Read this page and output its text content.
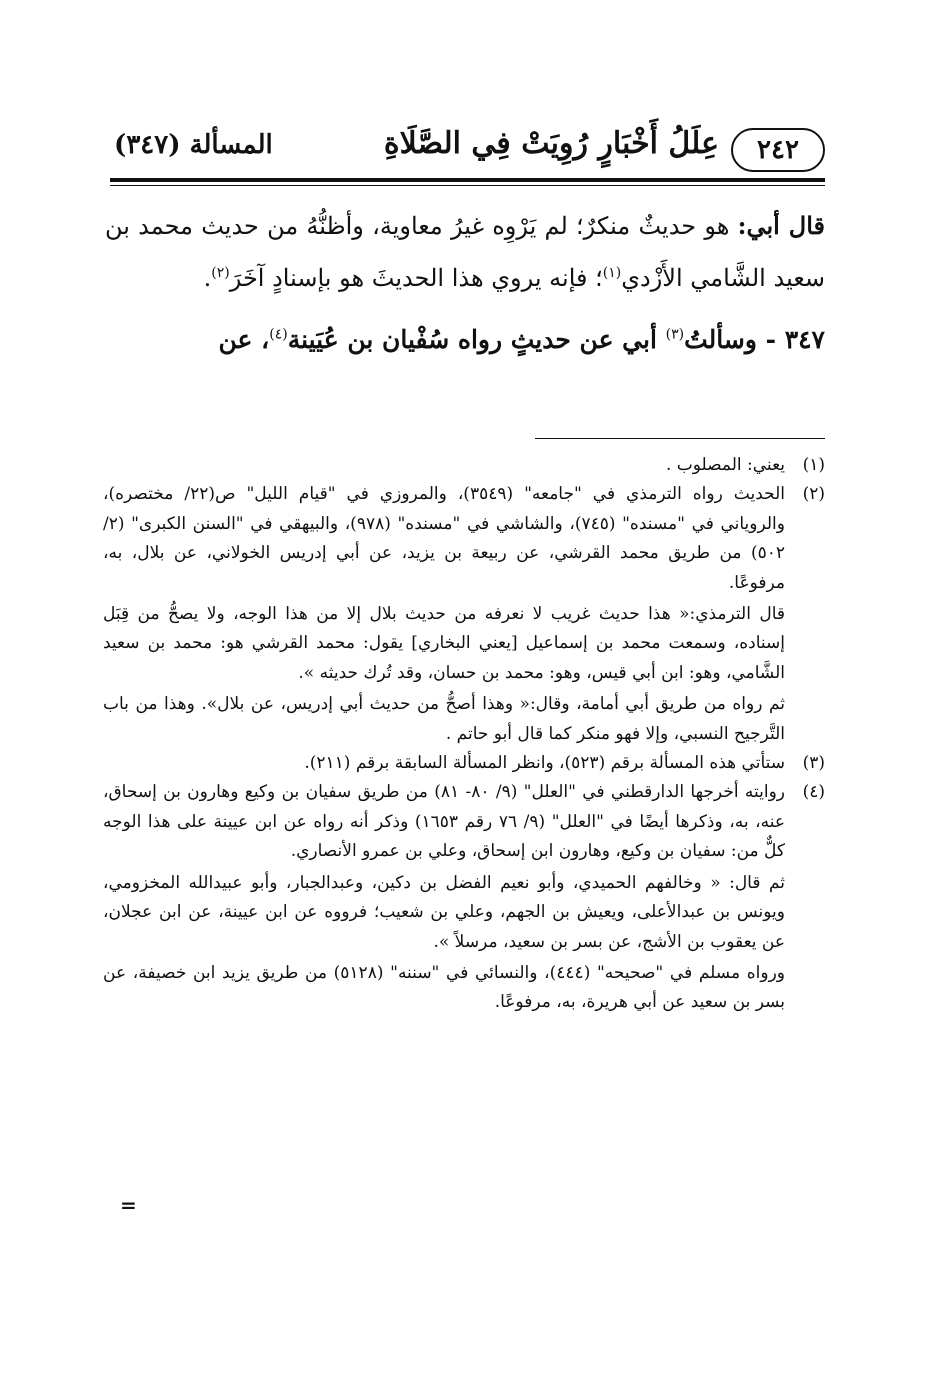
٢٤٢
عِلَلُ أَخْبَارٍ رُوِيَتْ فِي الصَّلَاةِ
المسألة (٣٤٧)

قال أبي: هو حديثٌ منكرٌ؛ لم يَرْوِه غيرُ معاوية، وأظنُّهُ من حديث محمد بن سعيد الشَّامي الأَزْدي$^{(١)}$؛ فإنه يروي هذا الحديثَ هو بإسنادٍ آخَرَ$^{(٢)}$.

٣٤٧ - وسألتُ$^{(٣)}$ أبي عن حديثٍ رواه سُفْيان بن عُيَينة$^{(٤)}$، عن

(١)

يعني: المصلوب .

(٢)

الحديث رواه الترمذي في "جامعه" (٣٥٤٩)، والمروزي في "قيام الليل" ص(٢٢/ مختصره)، والروياني في "مسنده" (٧٤٥)، والشاشي في "مسنده" (٩٧٨)، والبيهقي في "السنن الكبرى" (٢/ ٥٠٢) من طريق محمد القرشي، عن ربيعة بن يزيد، عن أبي إدريس الخولاني، عن بلال، به، مرفوعًا.

قال الترمذي:« هذا حديث غريب لا نعرفه من حديث بلال إلا من هذا الوجه، ولا يصحُّ من قِبَل إسناده، وسمعت محمد بن إسماعيل [يعني البخاري] يقول: محمد القرشي هو: محمد بن سعيد الشَّامي، وهو: ابن أبي قيس، وهو: محمد بن حسان، وقد تُرك حديثه ».

ثم رواه من طريق أبي أمامة، وقال:« وهذا أصحُّ من حديث أبي إدريس، عن بلال». وهذا من باب التَّرجيح النسبي، وإلا فهو منكر كما قال أبو حاتم .

(٣)

ستأتي هذه المسألة برقم (٥٢٣)، وانظر المسألة السابقة برقم (٢١١).

(٤)

روايته أخرجها الدارقطني في "العلل" (٩/ ٨٠- ٨١) من طريق سفيان بن وكيع وهارون بن إسحاق، عنه، به، وذكرها أيضًا في "العلل" (٩/ ٧٦ رقم ١٦٥٣) وذكر أنه رواه عن ابن عيينة على هذا الوجه كلٌّ من: سفيان بن وكيع، وهارون ابن إسحاق، وعلي بن عمرو الأنصاري.

ثم قال: « وخالفهم الحميدي، وأبو نعيم الفضل بن دكين، وعبدالجبار، وأبو عبيدالله المخزومي، ويونس بن عبدالأعلى، ويعيش بن الجهم، وعلي بن شعيب؛ فرووه عن ابن عيينة، عن ابن عجلان، عن يعقوب بن الأشج، عن بسر بن سعيد، مرسلاً ».

ورواه مسلم في "صحيحه" (٤٤٤)، والنسائي في "سننه" (٥١٢٨) من طريق يزيد ابن خصيفة، عن بسر بن سعيد عن أبي هريرة، به، مرفوعًا.

=
